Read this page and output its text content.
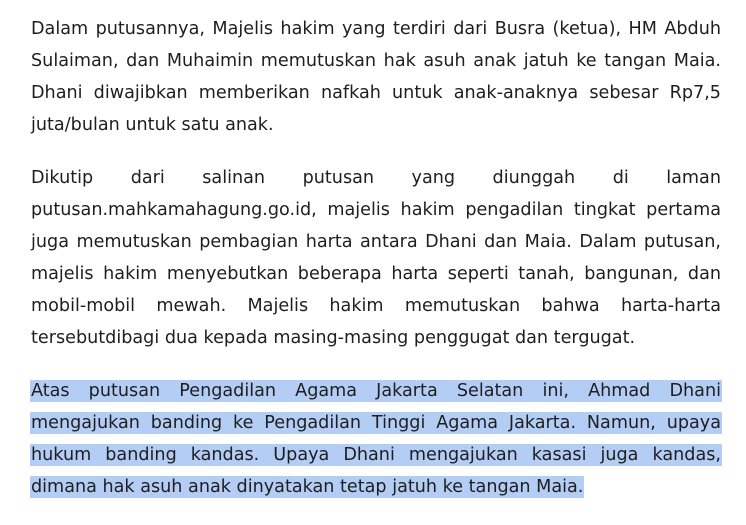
Dalam putusannya, Majelis hakim yang terdiri dari Busra (ketua), HM Abduh Sulaiman, dan Muhaimin memutuskan hak asuh anak jatuh ke tangan Maia. Dhani diwajibkan memberikan nafkah untuk anak-anaknya sebesar Rp7,5 juta/bulan untuk satu anak.

Dikutip dari salinan putusan yang diunggah di laman putusan.mahkamahagung.go.id, majelis hakim pengadilan tingkat pertama juga memutuskan pembagian harta antara Dhani dan Maia. Dalam putusan, majelis hakim menyebutkan beberapa harta seperti tanah, bangunan, dan mobil-mobil mewah. Majelis hakim memutuskan bahwa harta-harta tersebutdibagi dua kepada masing-masing penggugat dan tergugat.

Atas putusan Pengadilan Agama Jakarta Selatan ini, Ahmad Dhani mengajukan banding ke Pengadilan Tinggi Agama Jakarta. Namun, upaya hukum banding kandas. Upaya Dhani mengajukan kasasi juga kandas, dimana hak asuh anak dinyatakan tetap jatuh ke tangan Maia.
